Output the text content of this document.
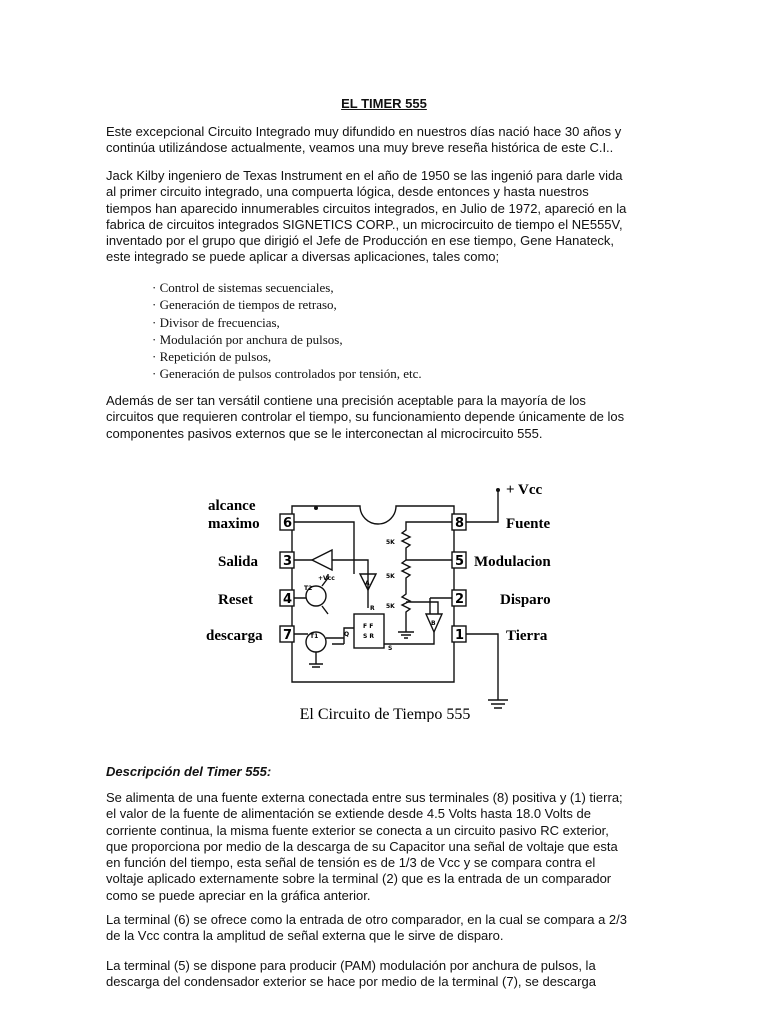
EL TIMER 555

Este excepcional Circuito Integrado muy difundido en nuestros días nació hace 30 años y
continúa utilizándose actualmente, veamos una muy breve reseña histórica de este C.I..

Jack Kilby ingeniero de Texas Instrument en el año de 1950 se las ingenió para darle vida
al primer circuito integrado, una compuerta lógica, desde entonces y hasta nuestros
tiempos han aparecido innumerables circuitos integrados, en Julio de 1972, apareció en la
fabrica de circuitos integrados SIGNETICS CORP., un microcircuito de tiempo el NE555V,
inventado por el grupo que dirigió el Jefe de Producción en ese tiempo, Gene Hanateck,
este integrado se puede aplicar a diversas aplicaciones, tales como;

· Control de sistemas secuenciales,
· Generación de tiempos de retraso,
· Divisor de frecuencias,
· Modulación por anchura de pulsos,
· Repetición de pulsos,
· Generación de pulsos controlados por tensión, etc.

Además de ser tan versátil contiene una precisión aceptable para la mayoría de los
circuitos que requieren controlar el tiempo, su funcionamiento depende únicamente de los
componentes pasivos externos que se le interconectan al microcircuito 555.

alcance
maximo
Salida
Reset
descarga
+ Vcc
Fuente
Modulacion
Disparo
Tierra
6
3
4
7
8
5
2
1
5K
5K
5K
A
B
F F
S R
R
S
Q
T1
T2
+Vcc
El Circuito de Tiempo 555
Descripción del Timer 555:

Se alimenta de una fuente externa conectada entre sus terminales (8) positiva y (1) tierra;
el valor de la fuente de alimentación se extiende desde 4.5 Volts hasta 18.0 Volts de
corriente continua, la misma fuente exterior se conecta a un circuito pasivo RC exterior,
que proporciona por medio de la descarga de su Capacitor una señal de voltaje que esta
en función del tiempo, esta señal de tensión es de 1/3 de Vcc y se compara contra el
voltaje aplicado externamente sobre la terminal (2) que es la entrada de un comparador
como se puede apreciar en la gráfica anterior.

La terminal (6) se ofrece como la entrada de otro comparador, en la cual se compara a 2/3
de la Vcc contra la amplitud de señal externa que le sirve de disparo.

La terminal (5) se dispone para producir (PAM) modulación por anchura de pulsos, la
descarga del condensador exterior se hace por medio de la terminal (7), se descarga
